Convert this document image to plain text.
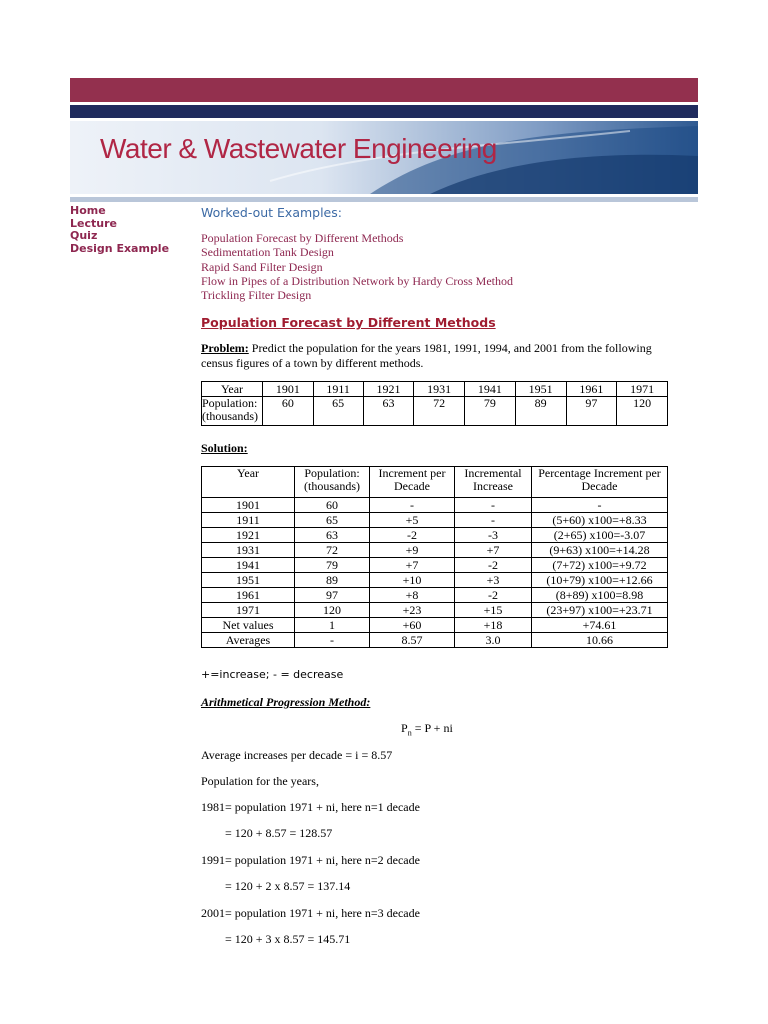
Water & Wastewater Engineering
Home
Lecture
Quiz
Design Example
Worked-out Examples:
Population Forecast by Different Methods
Sedimentation Tank Design
Rapid Sand Filter Design
Flow in Pipes of a Distribution Network by Hardy Cross Method
Trickling Filter Design
Population Forecast by Different Methods
Problem: Predict the population for the years 1981, 1991, 1994, and 2001 from the following census figures of a town by different methods.
Year	1901	1911	1921	1931	1941	1951	1961	1971
Population: (thousands)	60	65	63	72	79	89	97	120
Solution:
Year	Population: (thousands)	Increment per Decade	Incremental Increase	Percentage Increment per Decade
1901	60	-	-	-
1911	65	+5	-	(5+60) x100=+8.33
1921	63	-2	-3	(2+65) x100=-3.07
1931	72	+9	+7	(9+63) x100=+14.28
1941	79	+7	-2	(7+72) x100=+9.72
1951	89	+10	+3	(10+79) x100=+12.66
1961	97	+8	-2	(8+89) x100=8.98
1971	120	+23	+15	(23+97) x100=+23.71
Net values	1	+60	+18	+74.61
Averages	-	8.57	3.0	10.66
+=increase; - = decrease
Arithmetical Progression Method:
$P_n = P$ + ni
Average increases per decade = i = 8.57
Population for the years,
1981= population 1971 + ni, here n=1 decade
= 120 + 8.57 = 128.57
1991= population 1971 + ni, here n=2 decade
= 120 + 2 x 8.57 = 137.14
2001= population 1971 + ni, here n=3 decade
= 120 + 3 x 8.57 = 145.71
